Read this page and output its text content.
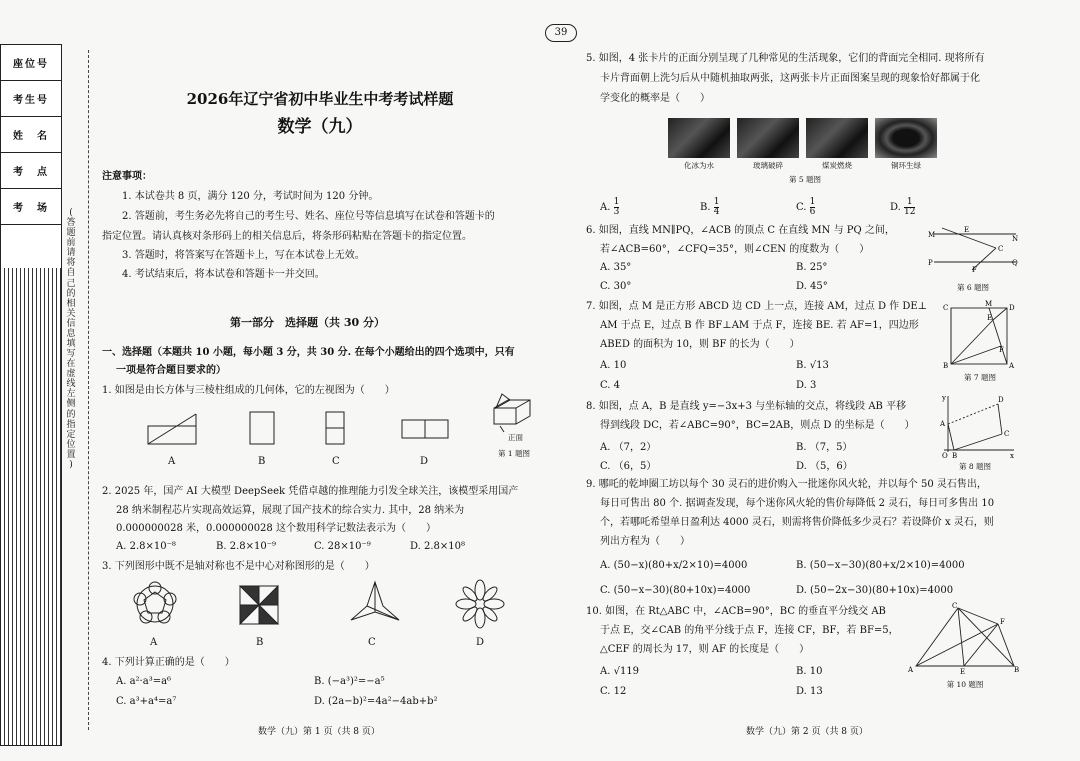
座位号
考生号
姓　名
考　点
考　场	(
答
题
前
请
将
自
己
的
相
关
信
息
填
写
在
虚
线
左
侧
的
指
定
位
置
)
39
2026年辽宁省初中毕业生中考考试样题
数学（九）
注意事项：
1. 本试卷共 8 页，满分 120 分，考试时间为 120 分钟。
2. 答题前，考生务必先将自己的考生号、姓名、座位号等信息填写在试卷和答题卡的
指定位置。请认真核对条形码上的相关信息后，将条形码粘贴在答题卡的指定位置。
3. 答题时，将答案写在答题卡上，写在本试卷上无效。
4. 考试结束后，将本试卷和答题卡一并交回。
第一部分　选择题（共 30 分）
一、选择题（本题共 10 小题，每小题 3 分，共 30 分. 在每个小题给出的四个选项中，只有
一项是符合题目要求的）
1. 如图是由长方体与三棱柱组成的几何体，它的左视图为（　　）
A	B	C	D
正面
第 1 题图
2. 2025 年，国产 AI 大模型 DeepSeek 凭借卓越的推理能力引发全球关注，该模型采用国产
28 纳米制程芯片实现高效运算，展现了国产技术的综合实力. 其中，28 纳米为
0.000000028 米，0.000000028 这个数用科学记数法表示为（　　）
A. 2.8×10⁻⁸	B. 2.8×10⁻⁹	C. 28×10⁻⁹	D. 2.8×10⁸
3. 下列图形中既不是轴对称也不是中心对称图形的是（　　）
A	B	C	D
4. 下列计算正确的是（　　）
A. a²·a³=a⁶	B. (−a³)²=−a⁵
C. a³+a⁴=a⁷	D. (2a−b)²=4a²−4ab+b²
数学（九）第 1 页（共 8 页）
5. 如图，4 张卡片的正面分别呈现了几种常见的生活现象，它们的背面完全相同. 现将所有
卡片背面朝上洗匀后从中随机抽取两张，这两张卡片正面图案呈现的现象恰好都属于化
学变化的概率是（　　）
化冰为水	玻璃破碎	煤炭燃烧	铜环生绿
第 5 题图
A. $\frac{1}{3}$	B. $\frac{1}{4}$	C. $\frac{1}{6}$	D. $\frac{1}{12}$
6. 如图，直线 MN∥PQ，∠ACB 的顶点 C 在直线 MN 与 PQ 之间，
若∠ACB=60°，∠CFQ=35°，则∠CEN 的度数为（　　）
A. 35°	B. 25°
C. 30°	D. 45°
M
E
N
C
P
F
Q
第 6 题图
7. 如图，点 M 是正方形 ABCD 边 CD 上一点，连接 AM，过点 D 作 DE⊥
AM 于点 E，过点 B 作 BF⊥AM 于点 F，连接 BE. 若 AF=1，四边形
ABED 的面积为 10，则 BF 的长为（　　）
A. 10	B. √13
C. 4	D. 3
C	M D
E
F
B	A
第 7 题图
8. 如图，点 A，B 是直线 y=−3x+3 与坐标轴的交点，将线段 AB 平移
得到线段 DC，若∠ABC=90°，BC=2AB，则点 D 的坐标是（　　）
A. （7，2）	B. （7，5）
C. （6，5）	D. （5，6）
y	D
A
C
O B	x
第 8 题图
9. 哪吒的乾坤圈工坊以每个 30 灵石的进价购入一批迷你风火轮，并以每个 50 灵石售出，
每日可售出 80 个. 据调查发现，每个迷你风火轮的售价每降低 2 灵石，每日可多售出 10
个，若哪吒希望单日盈利达 4000 灵石，则需将售价降低多少灵石？若设降价 x 灵石，则
列出方程为（　　）
A. (50−x)(80+x/2×10)=4000	B. (50−x−30)(80+x/2×10)=4000
C. (50−x−30)(80+10x)=4000	D. (50−2x−30)(80+10x)=4000
10. 如图，在 Rt△ABC 中，∠ACB=90°，BC 的垂直平分线交 AB
于点 E，交∠CAB 的角平分线于点 F，连接 CF，BF，若 BF=5，
△CEF 的周长为 17，则 AF 的长度是（　　）
A. √119	B. 10
C. 12	D. 13
C
F
A	E	B
第 10 题图
数学（九）第 2 页（共 8 页）
